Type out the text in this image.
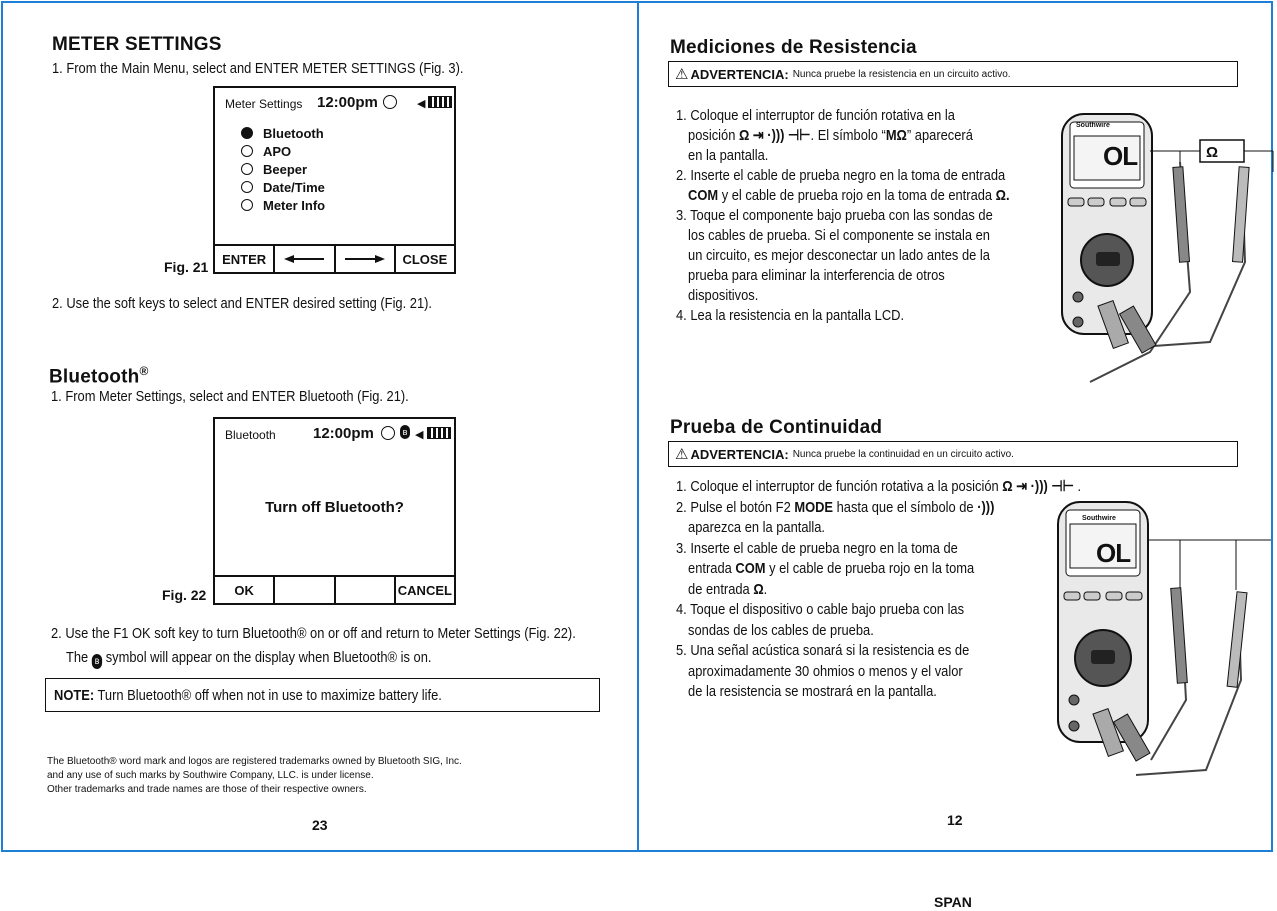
METER SETTINGS
1. From the Main Menu, select and ENTER METER SETTINGS (Fig. 3).
Meter Settings 12:00pm	◀
Bluetooth
APO
Beeper
Date/Time
Meter Info
ENTER	CLOSE
Fig. 21
2. Use the soft keys to select and ENTER desired setting (Fig. 21).
Bluetooth®
1. From Meter Settings, select and ENTER Bluetooth (Fig. 21).
Bluetooth 12:00pm	ʙ ◀
Turn off Bluetooth?
OK	CANCEL
Fig. 22
2. Use the F1 OK soft key to turn Bluetooth® on or off and return to Meter Settings (Fig. 22).
The ʙ symbol will appear on the display when Bluetooth® is on.
NOTE: Turn Bluetooth® off when not in use to maximize battery life.
The Bluetooth® word mark and logos are registered trademarks owned by Bluetooth SIG, Inc.
and any use of such marks by Southwire Company, LLC. is under license.
Other trademarks and trade names are those of their respective owners.
23
Mediciones de Resistencia
⚠ ADVERTENCIA: Nunca pruebe la resistencia en un circuito activo.
1. Coloque el interruptor de función rotativa en la
posición Ω ⇥ ·))) ⊣⊢. El símbolo “MΩ” aparecerá
en la pantalla.
2. Inserte el cable de prueba negro en la toma de entrada
COM y el cable de prueba rojo en la toma de entrada Ω.
3. Toque el componente bajo prueba con las sondas de
los cables de prueba. Si el componente se instala en
un circuito, es mejor desconectar un lado antes de la
prueba para eliminar la interferencia de otros
dispositivos.
4. Lea la resistencia en la pantalla LCD.
Southwire
OL	Ω
Prueba de Continuidad
⚠ ADVERTENCIA: Nunca pruebe la continuidad en un circuito activo.
1. Coloque el interruptor de función rotativa a la posición Ω ⇥ ·))) ⊣⊢ .
2. Pulse el botón F2 MODE hasta que el símbolo de ·)))
aparezca en la pantalla.
3. Inserte el cable de prueba negro en la toma de
entrada COM y el cable de prueba rojo en la toma
de entrada Ω.
4. Toque el dispositivo o cable bajo prueba con las
sondas de los cables de prueba.
5. Una señal acústica sonará si la resistencia es de
aproximadamente 30 ohmios o menos y el valor
de la resistencia se mostrará en la pantalla.
Southwire
OL
12
SPAN
